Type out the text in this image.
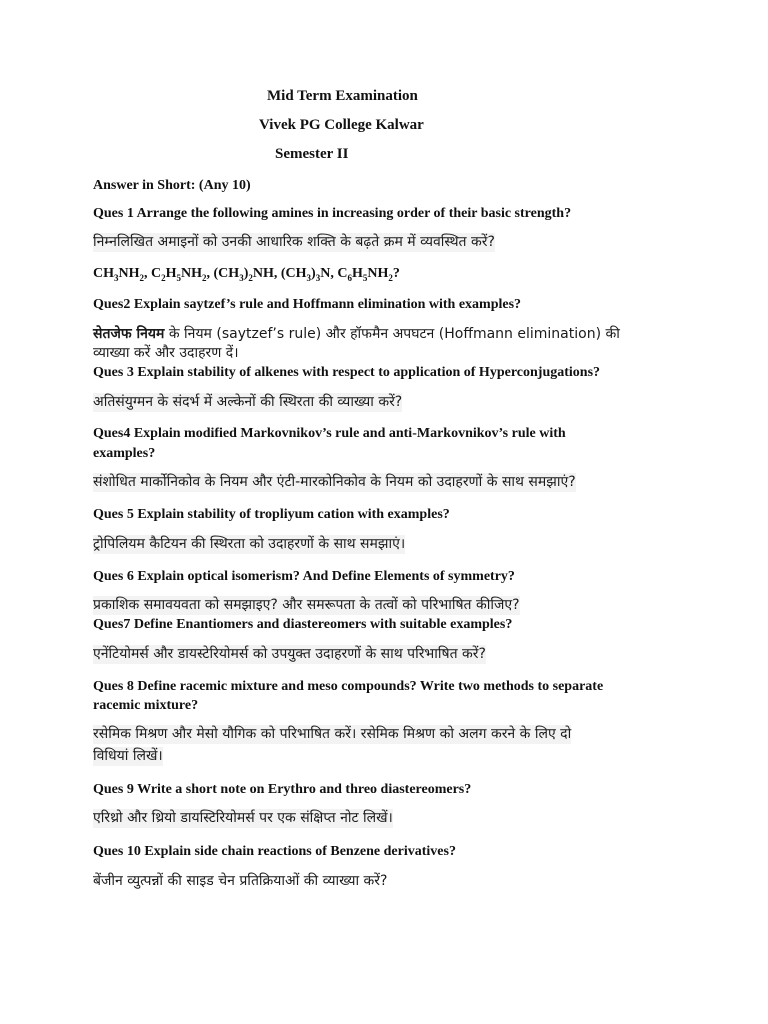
Mid Term Examination
Vivek PG College Kalwar
Semester II
Answer in Short: (Any 10)
Ques 1 Arrange the following amines in increasing order of their basic strength?
निम्नलिखित अमाइनों को उनकी आधारिक शक्ति के बढ़ते क्रम में व्यवस्थित करें?
$CH_3NH_2$, $C_2H_5NH_2$, $(CH_3)_2NH$, $(CH_3)_3N$, $C_6H_5NH_2$?
Ques2 Explain saytzef’s rule and Hoffmann elimination with examples?
सेतजेफ नियम के नियम (saytzef’s rule) और हॉफमैन अपघटन (Hoffmann elimination) की
व्याख्या करें और उदाहरण दें।
Ques 3 Explain stability of alkenes with respect to application of Hyperconjugations?
अतिसंयुग्मन के संदर्भ में अल्केनों की स्थिरता की व्याख्या करें?
Ques4 Explain modified Markovnikov’s rule and anti-Markovnikov’s rule with
examples?
संशोधित मार्कोनिकोव के नियम और एंटी-मारकोनिकोव के नियम को उदाहरणों के साथ समझाएं?
Ques 5 Explain stability of tropliyum cation with examples?
ट्रोपिलियम कैटियन की स्थिरता को उदाहरणों के साथ समझाएं।
Ques 6 Explain optical isomerism? And Define Elements of symmetry?
प्रकाशिक समावयवता को समझाइए? और समरूपता के तत्वों को परिभाषित कीजिए?
Ques7 Define Enantiomers and diastereomers with suitable examples?
एनेंटियोमर्स और डायस्टेरियोमर्स को उपयुक्त उदाहरणों के साथ परिभाषित करें?
Ques 8 Define racemic mixture and meso compounds? Write two methods to separate
racemic mixture?
रसेमिक मिश्रण और मेसो यौगिक को परिभाषित करें। रसेमिक मिश्रण को अलग करने के लिए दो
विधियां लिखें।
Ques 9 Write a short note on Erythro and threo diastereomers?
एरिथ्रो और थ्रियो डायस्टिरियोमर्स पर एक संक्षिप्त नोट लिखें।
Ques 10 Explain side chain reactions of Benzene derivatives?
बेंजीन व्युत्पन्नों की साइड चेन प्रतिक्रियाओं की व्याख्या करें?
